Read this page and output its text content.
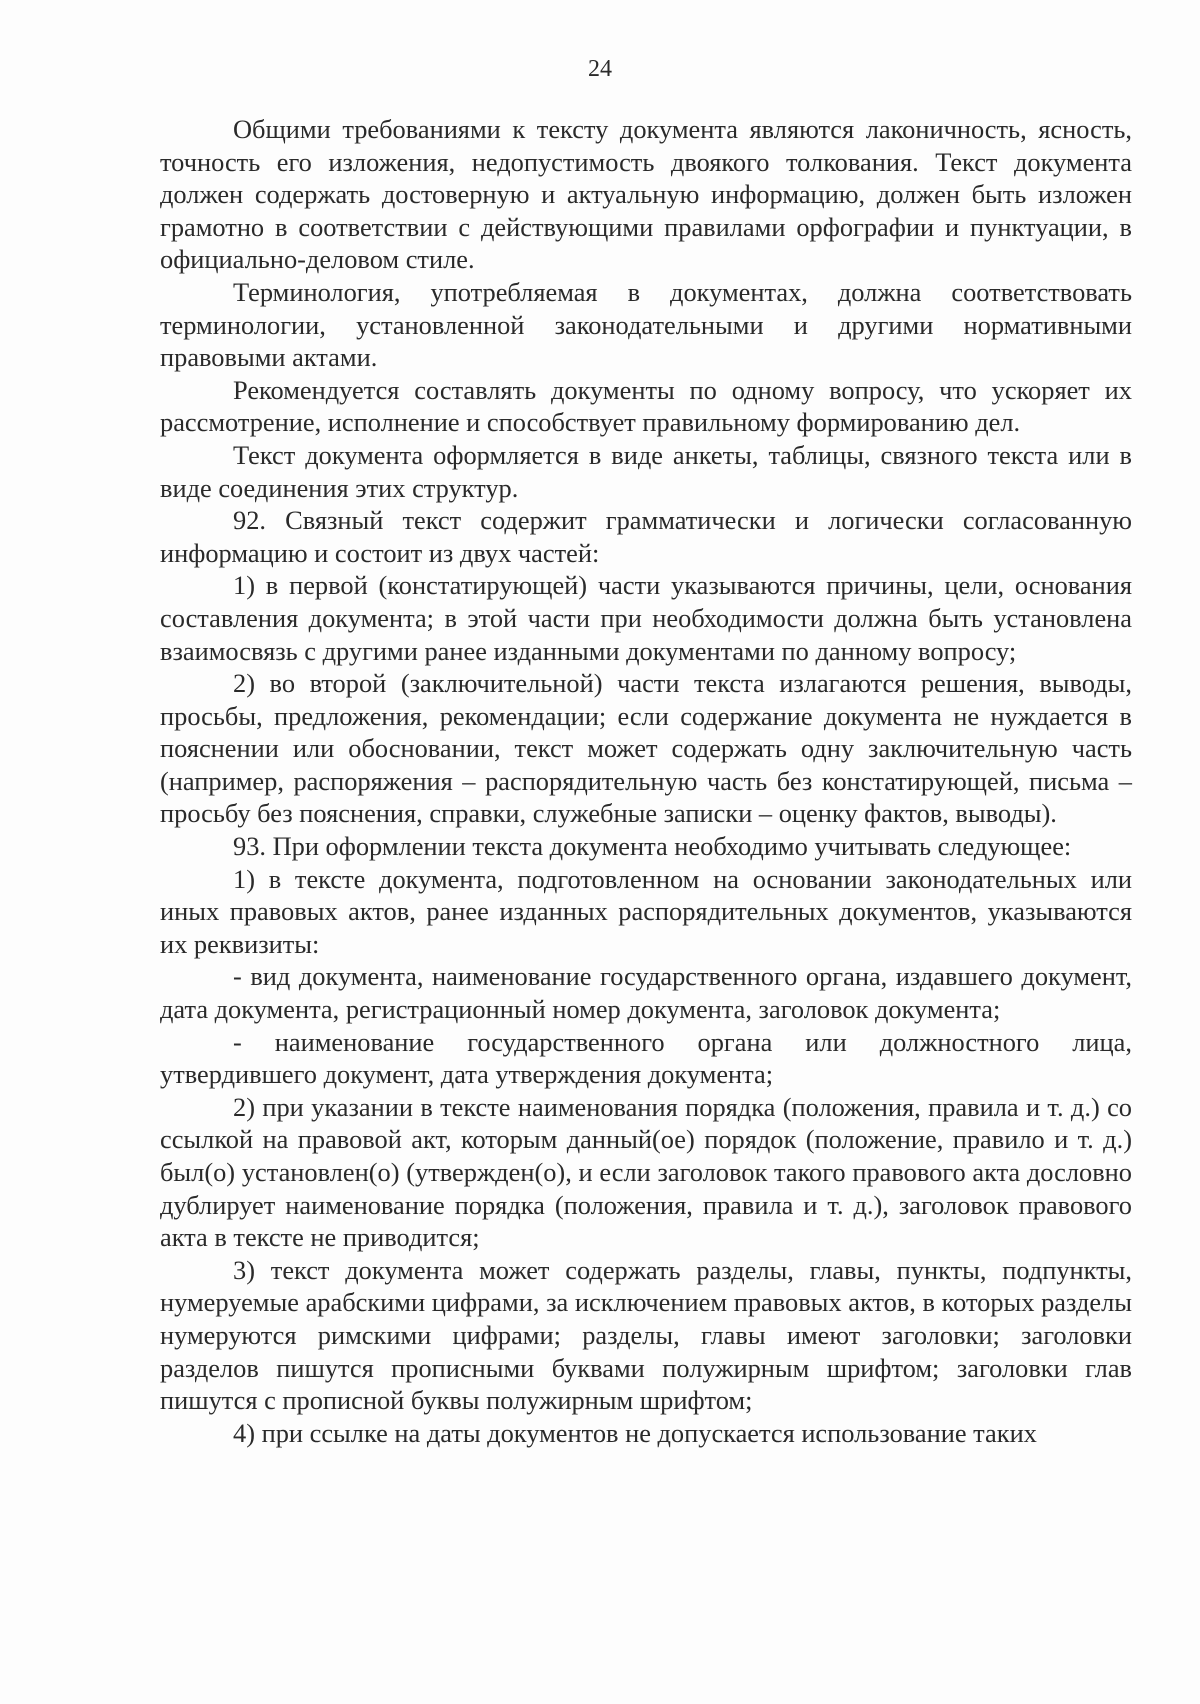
24

Общими требованиями к тексту документа являются лаконичность, ясность, точность его изложения, недопустимость двоякого толкования. Текст документа должен содержать достоверную и актуальную информацию, должен быть изложен грамотно в соответствии с действующими правилами орфографии и пунктуации, в официально-деловом стиле.

Терминология, употребляемая в документах, должна соответствовать терминологии, установленной законодательными и другими нормативными правовыми актами.

Рекомендуется составлять документы по одному вопросу, что ускоряет их рассмотрение, исполнение и способствует правильному формированию дел.

Текст документа оформляется в виде анкеты, таблицы, связного текста или в виде соединения этих структур.

92. Связный текст содержит грамматически и логически согласованную информацию и состоит из двух частей:

1) в первой (констатирующей) части указываются причины, цели, основания составления документа; в этой части при необходимости должна быть установлена взаимосвязь с другими ранее изданными документами по данному вопросу;

2) во второй (заключительной) части текста излагаются решения, выводы, просьбы, предложения, рекомендации; если содержание документа не нуждается в пояснении или обосновании, текст может содержать одну заключительную часть (например, распоряжения – распорядительную часть без констатирующей, письма – просьбу без пояснения, справки, служебные записки – оценку фактов, выводы).

93. При оформлении текста документа необходимо учитывать следующее:

1) в тексте документа, подготовленном на основании законодательных или иных правовых актов, ранее изданных распорядительных документов, указываются их реквизиты:

- вид документа, наименование государственного органа, издавшего документ, дата документа, регистрационный номер документа, заголовок документа;

- наименование государственного органа или должностного лица, утвердившего документ, дата утверждения документа;

2) при указании в тексте наименования порядка (положения, правила и т. д.) со ссылкой на правовой акт, которым данный(ое) порядок (положение, правило и т. д.) был(о) установлен(о) (утвержден(о), и если заголовок такого правового акта дословно дублирует наименование порядка (положения, правила и т. д.), заголовок правового акта в тексте не приводится;

3) текст документа может содержать разделы, главы, пункты, подпункты, нумеруемые арабскими цифрами, за исключением правовых актов, в которых разделы нумеруются римскими цифрами; разделы, главы имеют заголовки; заголовки разделов пишутся прописными буквами полужирным шрифтом; заголовки глав пишутся с прописной буквы полужирным шрифтом;

4) при ссылке на даты документов не допускается использование таких
